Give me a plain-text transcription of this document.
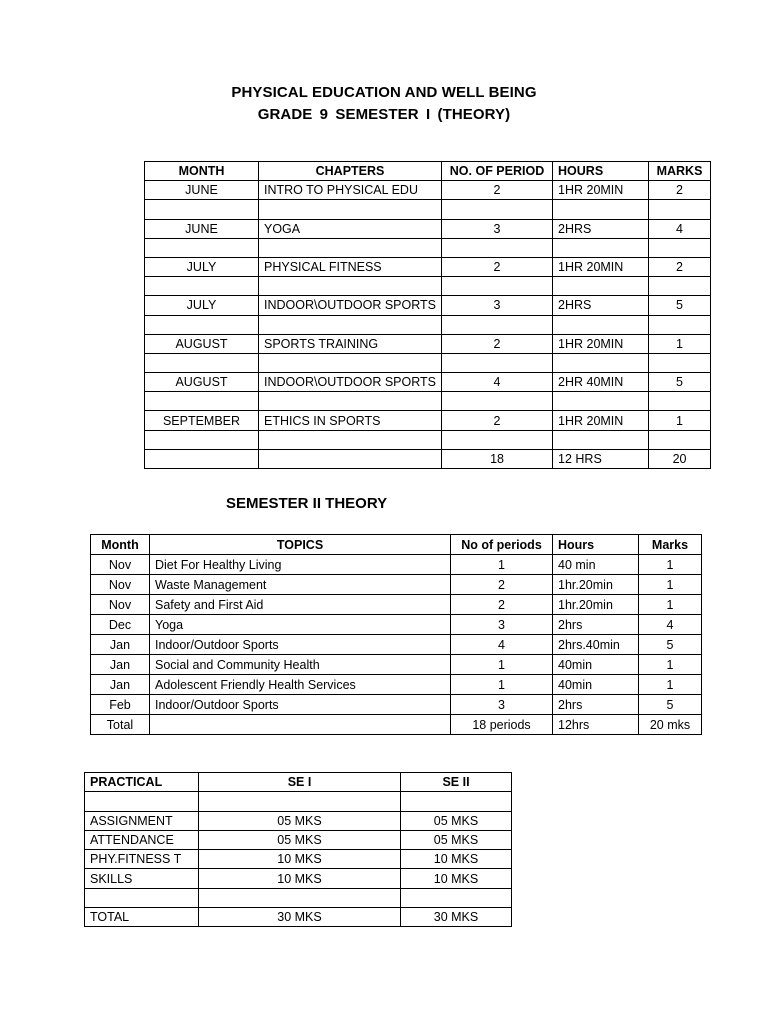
PHYSICAL EDUCATION AND WELL BEING
GRADE 9 SEMESTER I (THEORY)
MONTH	CHAPTERS	NO. OF PERIOD	HOURS	MARKS
JUNE	INTRO TO PHYSICAL EDU	2	1HR 20MIN	2

JUNE	YOGA	3	2HRS	4

JULY	PHYSICAL FITNESS	2	1HR 20MIN	2

JULY	INDOOR\OUTDOOR SPORTS	3	2HRS	5

AUGUST	SPORTS TRAINING	2	1HR 20MIN	1

AUGUST	INDOOR\OUTDOOR SPORTS	4	2HR 40MIN	5

SEPTEMBER	ETHICS IN SPORTS	2	1HR 20MIN	1

		18	12 HRS	20
SEMESTER II THEORY
Month	TOPICS	No of periods	Hours	Marks
Nov	Diet For Healthy Living	1	40 min	1
Nov	Waste Management	2	1hr.20min	1
Nov	Safety and First Aid	2	1hr.20min	1
Dec	Yoga	3	2hrs	4
Jan	Indoor/Outdoor Sports	4	2hrs.40min	5
Jan	Social and Community Health	1	40min	1
Jan	Adolescent Friendly Health Services	1	40min	1
Feb	Indoor/Outdoor Sports	3	2hrs	5
Total		18 periods	12hrs	20 mks
PRACTICAL	SE I	SE II

ASSIGNMENT	05 MKS	05 MKS
ATTENDANCE	05 MKS	05 MKS
PHY.FITNESS T	10 MKS	10 MKS
SKILLS	10 MKS	10 MKS

TOTAL	30 MKS	30 MKS
